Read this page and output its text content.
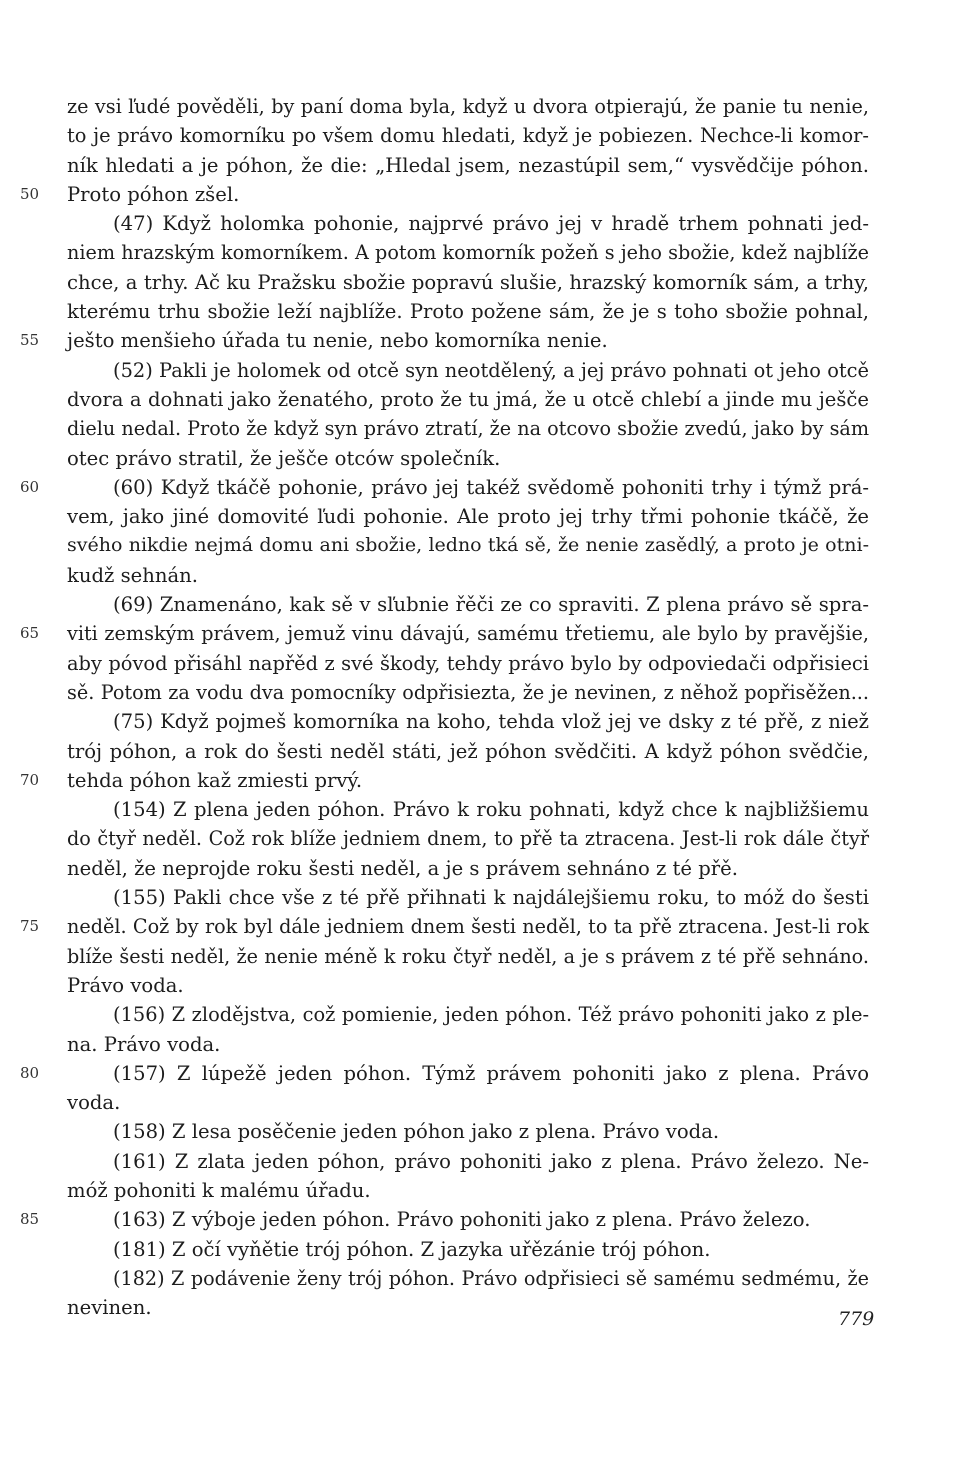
ze vsi ľudé pověděli, by paní doma byla, když u dvora otpierajú, že panie tu nenie,
to je právo komorníku po všem domu hledati, když je pobiezen. Nechce-li komor-
ník hledati a je póhon, že die: „Hledal jsem, nezastúpil sem,“ vysvědčije póhon.
50	Proto póhon zšel.
(47) Když holomka pohonie, najprvé právo jej v hradě trhem pohnati jed-
niem hrazským komorníkem. A potom komorník požeň s jeho sbožie, kdež najblíže
chce, a trhy. Ač ku Pražsku sbožie popravú slušie, hrazský komorník sám, a trhy,
kterému trhu sbožie leží najblíže. Proto požene sám, že je s toho sbožie pohnal,
55	ješto menšieho úřada tu nenie, nebo komorníka nenie.
(52) Pakli je holomek od otcě syn neotdělený, a jej právo pohnati ot jeho otcě
dvora a dohnati jako ženatého, proto že tu jmá, že u otcě chlebí a jinde mu ješče
dielu nedal. Proto že když syn právo ztratí, že na otcovo sbožie zvedú, jako by sám
otec právo stratil, že ješče otców společník.
60	(60) Když tkáčě pohonie, právo jej takéž svědomě pohoniti trhy i týmž prá-
vem, jako jiné domovité ľudi pohonie. Ale proto jej trhy třmi pohonie tkáčě, že
svého nikdie nejmá domu ani sbožie, ledno tká sě, že nenie zasědlý, a proto je otni-
kudž sehnán.
(69) Znamenáno, kak sě v sľubnie řěči ze co spraviti. Z plena právo sě spra-
65	viti zemským právem, jemuž vinu dávajú, samému třetiemu, ale bylo by pravějšie,
aby póvod přisáhl napřěd z své škody, tehdy právo bylo by odpoviedači odpřisieci
sě. Potom za vodu dva pomocníky odpřisiezta, že je nevinen, z něhož popřisěžen...
(75) Když pojmeš komorníka na koho, tehda vlož jej ve dsky z té přě, z niež
trój póhon, a rok do šesti neděl státi, jež póhon svědčiti. A když póhon svědčie,
70	tehda póhon kaž zmiesti prvý.
(154) Z plena jeden póhon. Právo k roku pohnati, když chce k najbližšiemu
do čtyř neděl. Což rok blíže jedniem dnem, to přě ta ztracena. Jest-li rok dále čtyř
neděl, že neprojde roku šesti neděl, a je s právem sehnáno z té přě.
(155) Pakli chce vše z té přě přihnati k najdálejšiemu roku, to móž do šesti
75	neděl. Což by rok byl dále jedniem dnem šesti neděl, to ta přě ztracena. Jest-li rok
blíže šesti neděl, že nenie méně k roku čtyř neděl, a je s právem z té přě sehnáno.
Právo voda.
(156) Z zlodějstva, což pomienie, jeden póhon. Též právo pohoniti jako z ple-
na. Právo voda.
80	(157) Z lúpežě jeden póhon. Týmž právem pohoniti jako z plena. Právo
voda.
(158) Z lesa posěčenie jeden póhon jako z plena. Právo voda.
(161) Z zlata jeden póhon, právo pohoniti jako z plena. Právo železo. Ne-
móž pohoniti k malému úřadu.
85	(163) Z výboje jeden póhon. Právo pohoniti jako z plena. Právo železo.
(181) Z očí vyňětie trój póhon. Z jazyka uřězánie trój póhon.
(182) Z podávenie ženy trój póhon. Právo odpřisieci sě samému sedmému, že
nevinen.	779
